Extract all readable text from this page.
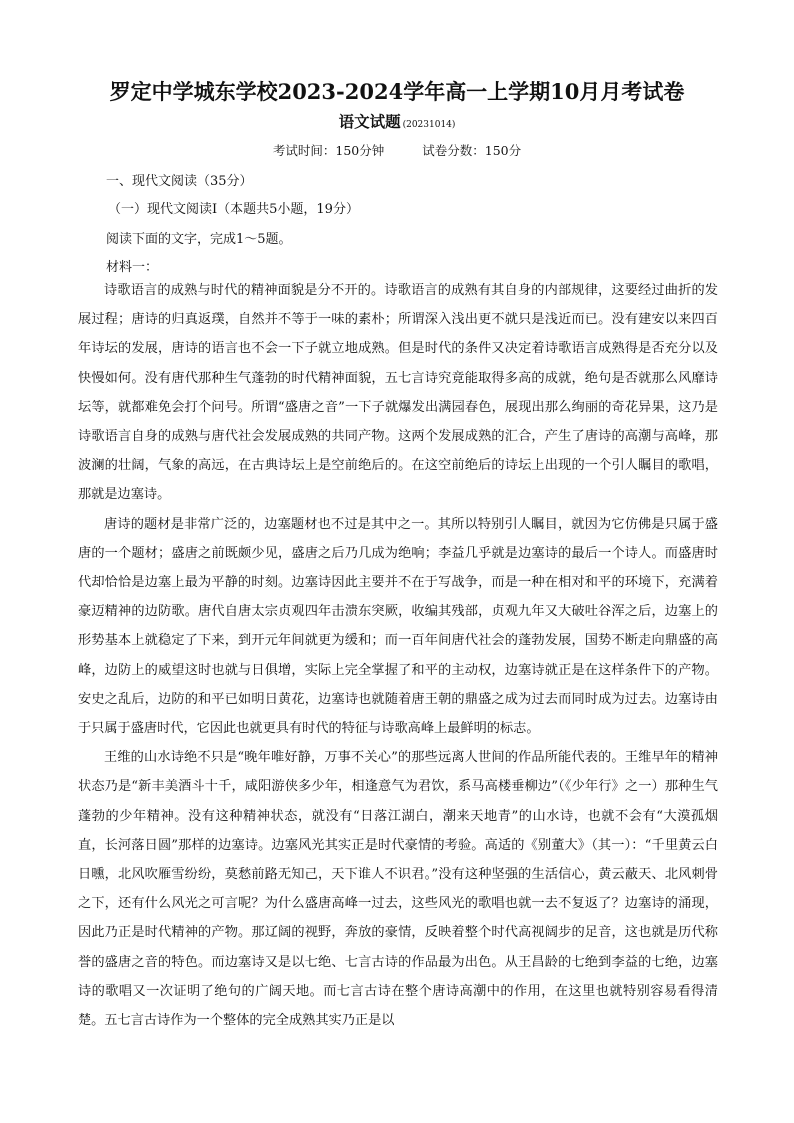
罗定中学城东学校2023-2024学年高一上学期10月月考试卷
语文试题 (20231014)
考试时间：150分钟	试卷分数：150分
一、现代文阅读（35分）
（一）现代文阅读Ⅰ（本题共5小题，19分）
阅读下面的文字，完成1～5题。
材料一：

诗歌语言的成熟与时代的精神面貌是分不开的。诗歌语言的成熟有其自身的内部规律，这要经过曲折的发展过程；唐诗的归真返璞，自然并不等于一味的素朴；所谓深入浅出更不就只是浅近而已。没有建安以来四百年诗坛的发展，唐诗的语言也不会一下子就立地成熟。但是时代的条件又决定着诗歌语言成熟得是否充分以及快慢如何。没有唐代那种生气蓬勃的时代精神面貌，五七言诗究竟能取得多高的成就，绝句是否就那么风靡诗坛等，就都难免会打个问号。所谓“盛唐之音”一下子就爆发出满园春色，展现出那么绚丽的奇花异果，这乃是诗歌语言自身的成熟与唐代社会发展成熟的共同产物。这两个发展成熟的汇合，产生了唐诗的高潮与高峰，那波澜的壮阔，气象的高远，在古典诗坛上是空前绝后的。在这空前绝后的诗坛上出现的一个引人瞩目的歌唱，那就是边塞诗。

唐诗的题材是非常广泛的，边塞题材也不过是其中之一。其所以特别引人瞩目，就因为它仿佛是只属于盛唐的一个题材；盛唐之前既颇少见，盛唐之后乃几成为绝响；李益几乎就是边塞诗的最后一个诗人。而盛唐时代却恰恰是边塞上最为平静的时刻。边塞诗因此主要并不在于写战争，而是一种在相对和平的环境下，充满着豪迈精神的边防歌。唐代自唐太宗贞观四年击溃东突厥，收编其残部，贞观九年又大破吐谷浑之后，边塞上的形势基本上就稳定了下来，到开元年间就更为缓和；而一百年间唐代社会的蓬勃发展，国势不断走向鼎盛的高峰，边防上的威望这时也就与日俱增，实际上完全掌握了和平的主动权，边塞诗就正是在这样条件下的产物。安史之乱后，边防的和平已如明日黄花，边塞诗也就随着唐王朝的鼎盛之成为过去而同时成为过去。边塞诗由于只属于盛唐时代，它因此也就更具有时代的特征与诗歌高峰上最鲜明的标志。

王维的山水诗绝不只是“晚年唯好静，万事不关心”的那些远离人世间的作品所能代表的。王维早年的精神状态乃是“新丰美酒斗十千，咸阳游侠多少年，相逢意气为君饮，系马高楼垂柳边”（《少年行》之一）那种生气蓬勃的少年精神。没有这种精神状态，就没有“日落江湖白，潮来天地青”的山水诗，也就不会有“大漠孤烟直，长河落日圆”那样的边塞诗。边塞风光其实正是时代豪情的考验。高适的《别董大》（其一）：“千里黄云白日曛，北风吹雁雪纷纷，莫愁前路无知己，天下谁人不识君。”没有这种坚强的生活信心，黄云蔽天、北风刺骨之下，还有什么风光之可言呢？为什么盛唐高峰一过去，这些风光的歌唱也就一去不复返了？边塞诗的涌现，因此乃正是时代精神的产物。那辽阔的视野，奔放的豪情，反映着整个时代高视阔步的足音，这也就是历代称誉的盛唐之音的特色。而边塞诗又是以七绝、七言古诗的作品最为出色。从王昌龄的七绝到李益的七绝，边塞诗的歌唱又一次证明了绝句的广阔天地。而七言古诗在整个唐诗高潮中的作用，在这里也就特别容易看得清楚。五七言古诗作为一个整体的完全成熟其实乃正是以
